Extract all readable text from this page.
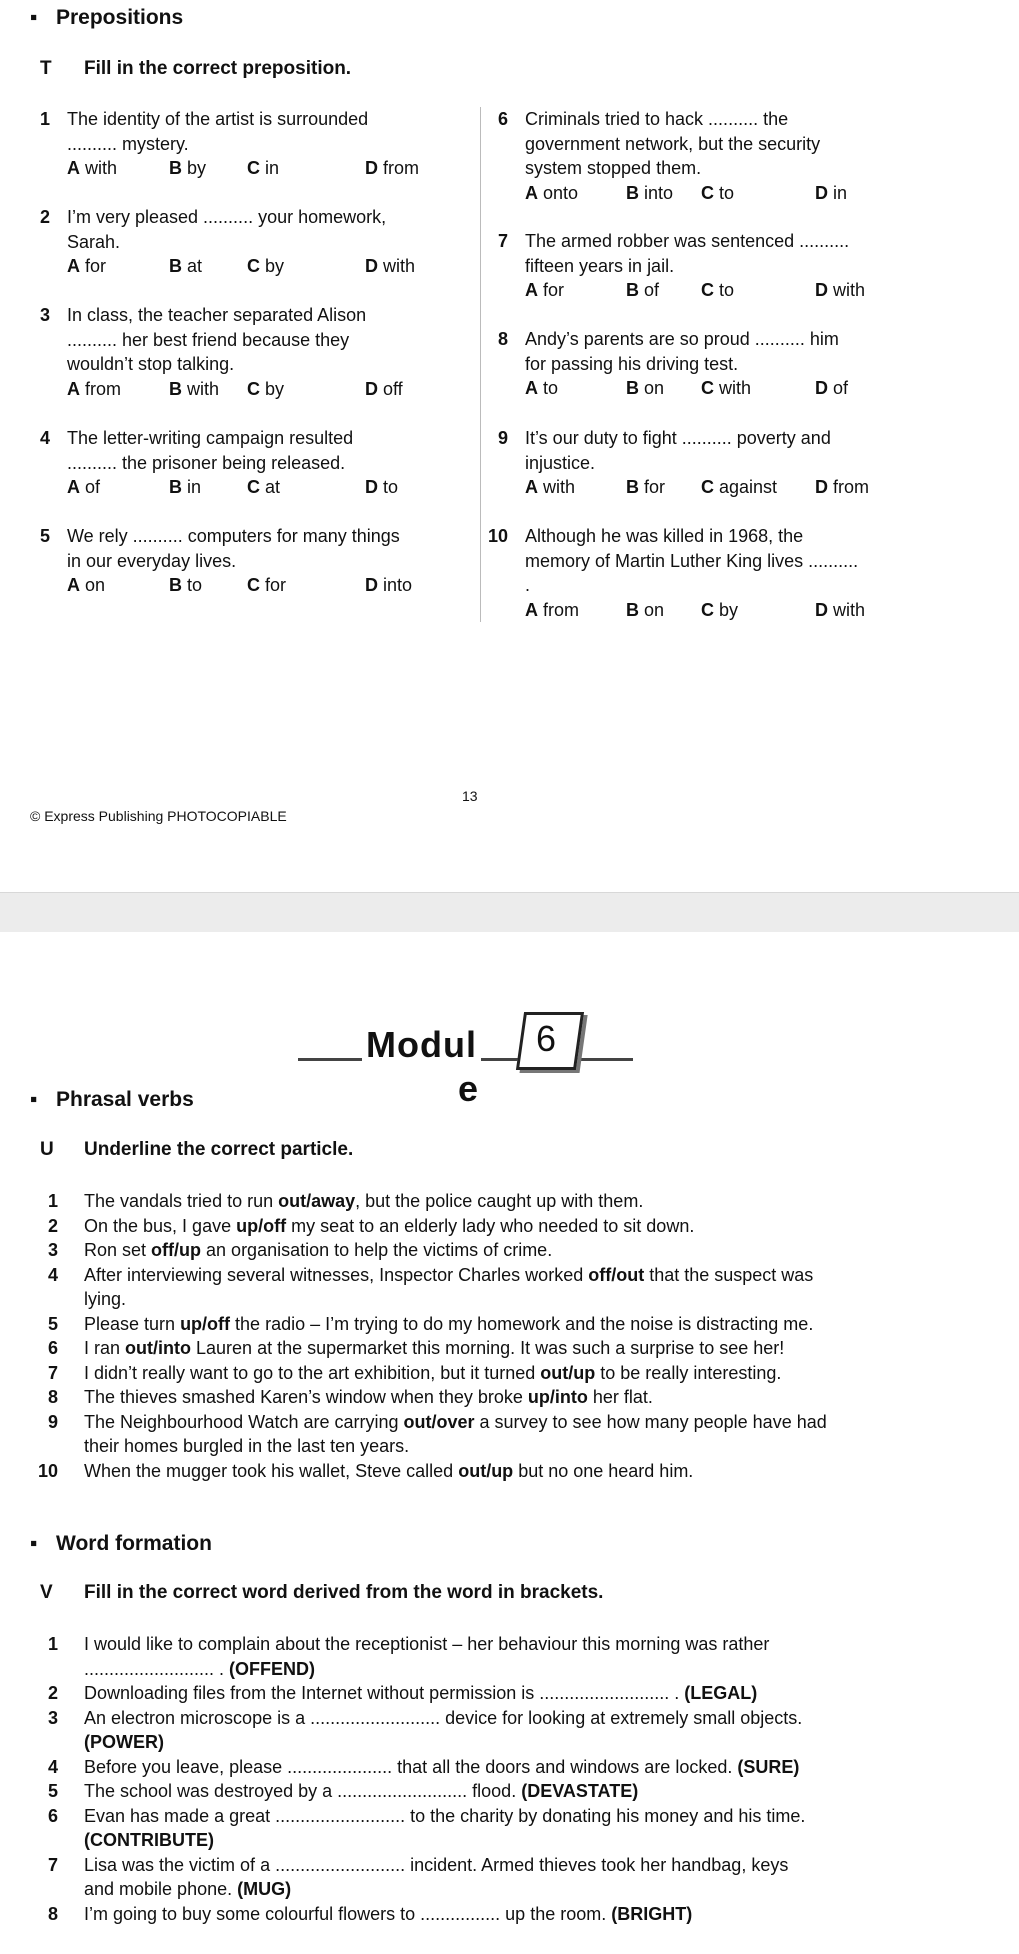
▪ Prepositions
T Fill in the correct preposition.
1 The identity of the artist is surrounded
.......... mystery.
A with	B by C in	D from
2 I’m very pleased .......... your homework,
Sarah.
A for	B at C by	D with
3 In class, the teacher separated Alison
.......... her best friend because they
wouldn’t stop talking.
A from	B with C by	D off
4 The letter-writing campaign resulted
.......... the prisoner being released.
A of	B in	C at	D to
5 We rely .......... computers for many things
in our everyday lives.
A on	B to C for	D into
6 Criminals tried to hack .......... the
government network, but the security
system stopped them.
A onto	B into C to	D in
7 The armed robber was sentenced ..........
fifteen years in jail.
A for	B of C to	D with
8 Andy’s parents are so proud .......... him
for passing his driving test.
A to	B on C with	D of
9 It’s our duty to fight .......... poverty and
injustice.
A with	B for C against D from
10 Although he was killed in 1968, the
memory of Martin Luther King lives ..........
.
A from	B on C by	D with
13
© Express Publishing PHOTOCOPIABLE
Modul 6
e
▪ Phrasal verbs
U Underline the correct particle.
1 The vandals tried to run out/away, but the police caught up with them.
2 On the bus, I gave up/off my seat to an elderly lady who needed to sit down.
3 Ron set off/up an organisation to help the victims of crime.
4 After interviewing several witnesses, Inspector Charles worked off/out that the suspect was
lying.
5 Please turn up/off the radio – I’m trying to do my homework and the noise is distracting me.
6 I ran out/into Lauren at the supermarket this morning. It was such a surprise to see her!
7 I didn’t really want to go to the art exhibition, but it turned out/up to be really interesting.
8 The thieves smashed Karen’s window when they broke up/into her flat.
9 The Neighbourhood Watch are carrying out/over a survey to see how many people have had
their homes burgled in the last ten years.
10 When the mugger took his wallet, Steve called out/up but no one heard him.
▪ Word formation
V Fill in the correct word derived from the word in brackets.
1 I would like to complain about the receptionist – her behaviour this morning was rather
.......................... . (OFFEND)
2 Downloading files from the Internet without permission is .......................... . (LEGAL)
3 An electron microscope is a .......................... device for looking at extremely small objects.
(POWER)
4 Before you leave, please ..................... that all the doors and windows are locked. (SURE)
5 The school was destroyed by a .......................... flood. (DEVASTATE)
6 Evan has made a great .......................... to the charity by donating his money and his time.
(CONTRIBUTE)
7 Lisa was the victim of a .......................... incident. Armed thieves took her handbag, keys
and mobile phone. (MUG)
8 I’m going to buy some colourful flowers to ................ up the room. (BRIGHT)
